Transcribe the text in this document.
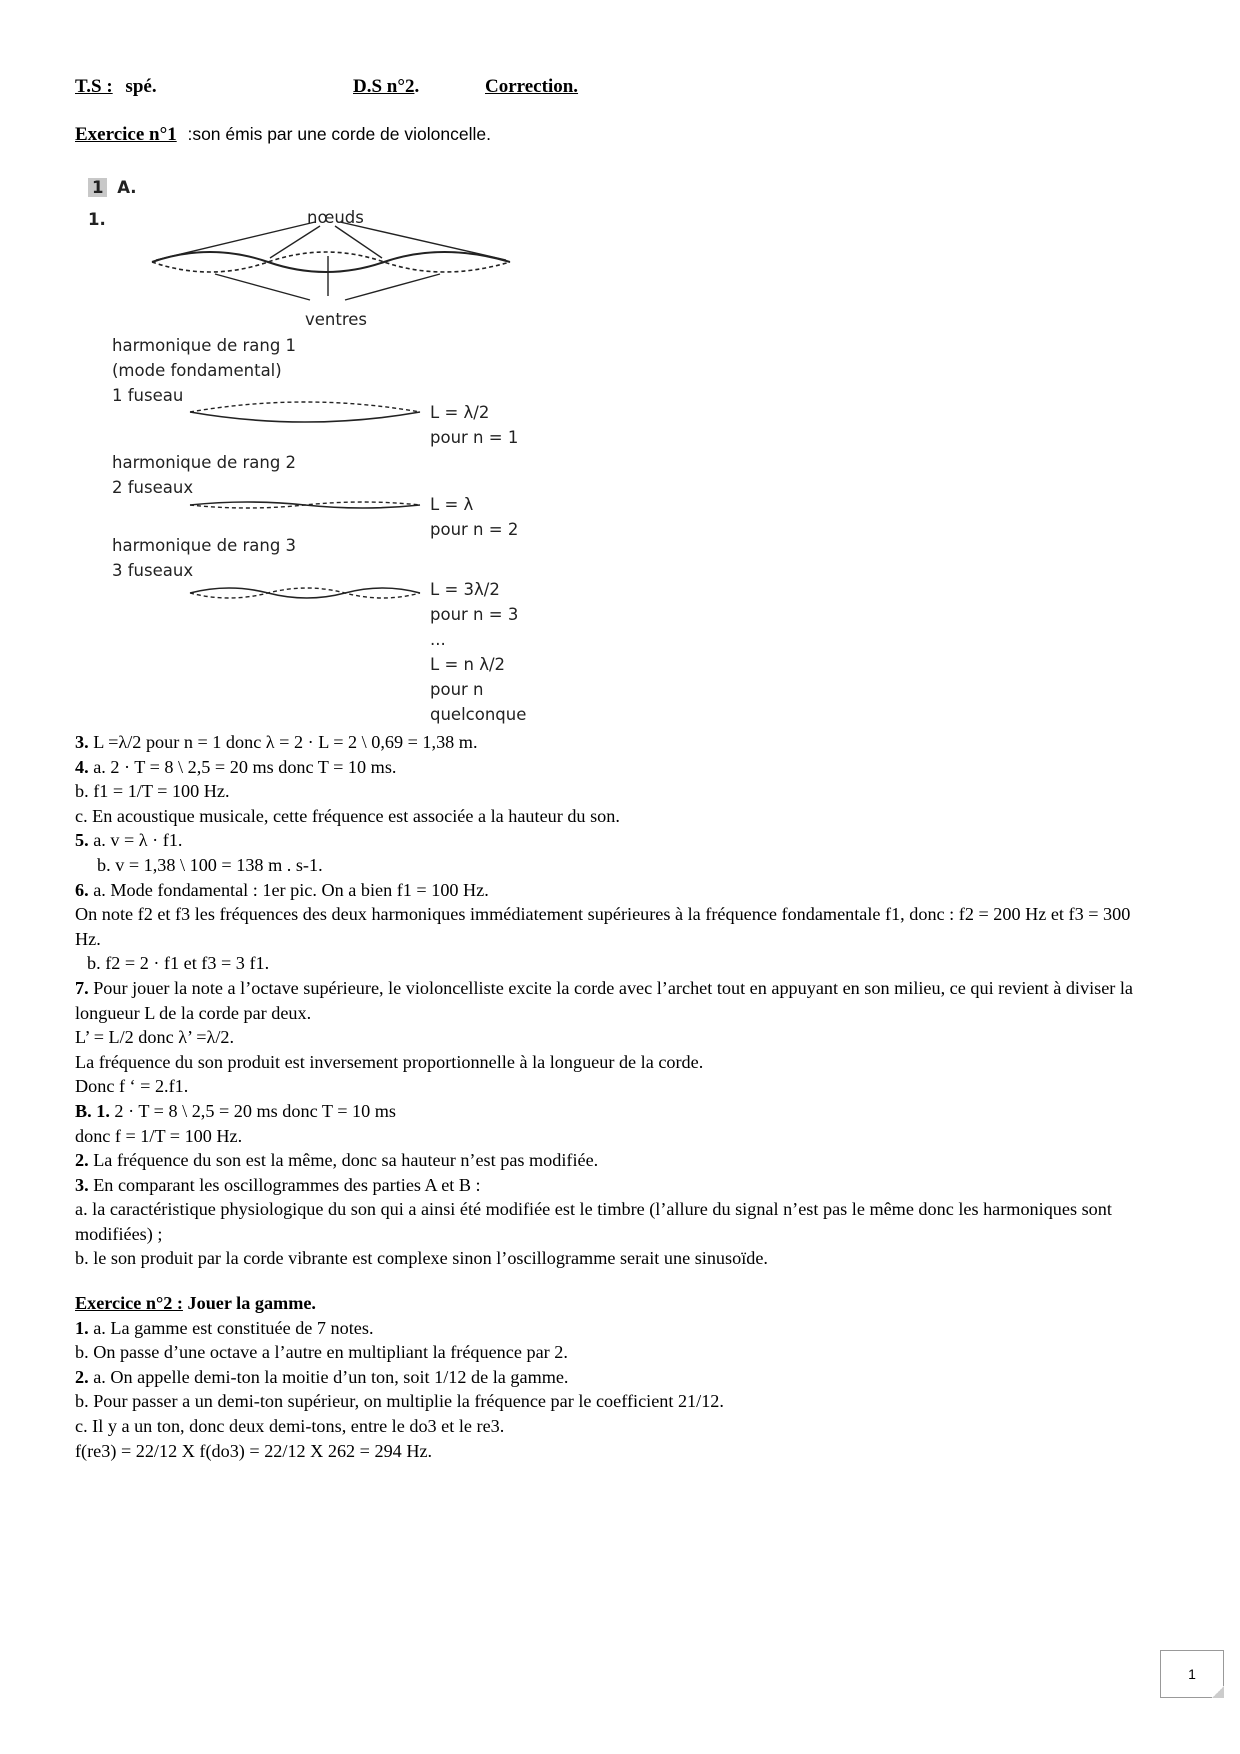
T.S : spé.	D.S n°2.	Correction.
Exercice n°1 :son émis par une corde de violoncelle.
1 A.
1.	nœuds
ventres
harmonique de rang 1
(mode fondamental)
1 fuseau
L = λ/2
pour n = 1
harmonique de rang 2
2 fuseaux
L = λ
pour n = 2
harmonique de rang 3
3 fuseaux
L = 3λ/2
pour n = 3
...
L = n λ/2
pour n
quelconque

3. L =λ/2 pour n = 1 donc λ = 2 · L = 2 \ 0,69 = 1,38 m.

4. a. 2 · T = 8 \ 2,5 = 20 ms donc T = 10 ms.

b. f1 = 1/T = 100 Hz.

c. En acoustique musicale, cette fréquence est associée a la hauteur du son.

5. a. v = λ · f1.

b. v = 1,38 \ 100 = 138 m . s-1.

6. a. Mode fondamental : 1er pic. On a bien f1 = 100 Hz.

On note f2 et f3 les fréquences des deux harmoniques immédiatement supérieures à la fréquence fondamentale f1, donc : f2 = 200 Hz et f3 = 300 Hz.

b. f2 = 2 · f1 et f3 = 3 f1.

7. Pour jouer la note a l’octave supérieure, le violoncelliste excite la corde avec l’archet tout en appuyant en son milieu, ce qui revient à diviser la longueur L de la corde par deux.

L’ = L/2 donc λ’ =λ/2.

La fréquence du son produit est inversement proportionnelle à la longueur de la corde.

Donc f ‘ = 2.f1.

B. 1. 2 · T = 8 \ 2,5 = 20 ms donc T = 10 ms

donc f = 1/T = 100 Hz.

2. La fréquence du son est la même, donc sa hauteur n’est pas modifiée.

3. En comparant les oscillogrammes des parties A et B :

a. la caractéristique physiologique du son qui a ainsi été modifiée est le timbre (l’allure du signal n’est pas le même donc les harmoniques sont modifiées) ;

b. le son produit par la corde vibrante est complexe sinon l’oscillogramme serait une sinusoïde.

Exercice n°2 : Jouer la gamme.

1. a. La gamme est constituée de 7 notes.

b. On passe d’une octave a l’autre en multipliant la fréquence par 2.

2. a. On appelle demi-ton la moitie d’un ton, soit 1/12 de la gamme.

b. Pour passer a un demi-ton supérieur, on multiplie la fréquence par le coefficient 21/12.

c. Il y a un ton, donc deux demi-tons, entre le do3 et le re3.

f(re3) = 22/12 X f(do3) = 22/12 X 262 = 294 Hz.

1
